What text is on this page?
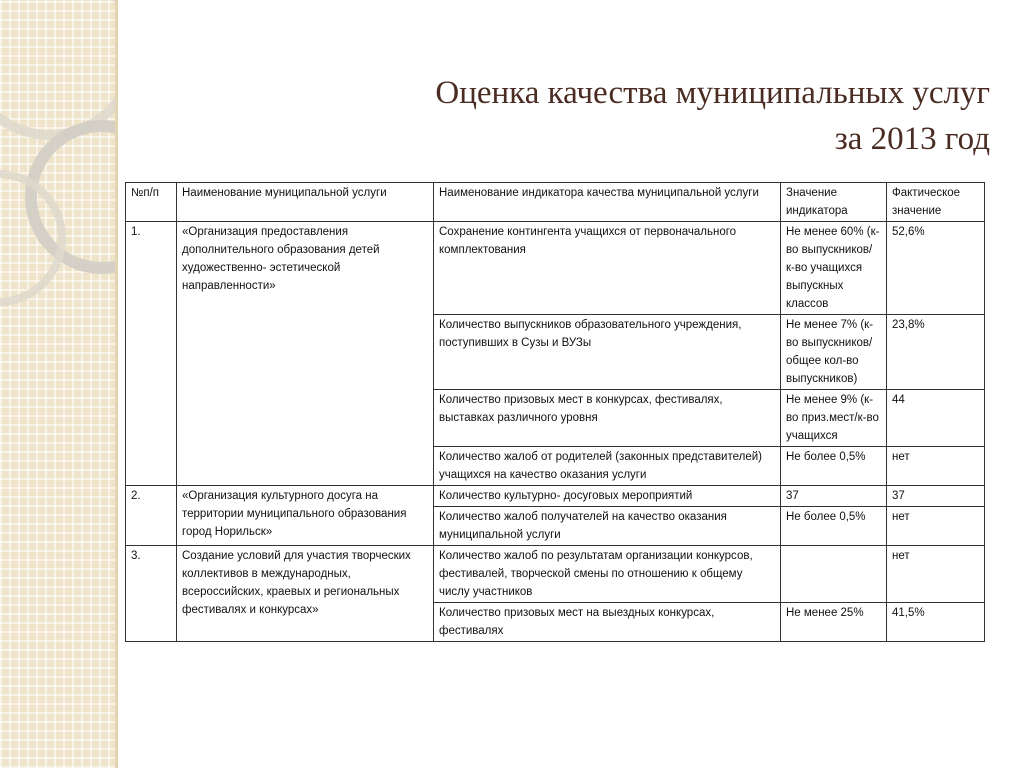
Оценка качества муниципальных услуг
за 2013 год
№п/п	Наименование муниципальной услуги	Наименование индикатора качества муниципальной услуги	Значение индикатора	Фактическое значение
1.	«Организация предоставления дополнительного образования детей художественно- эстетической направленности»	Сохранение контингента учащихся от первоначального комплектования	Не менее 60% (к-во выпускников/к-во учащихся выпускных классов	52,6%
		Количество выпускников образовательного учреждения, поступивших в Сузы и ВУЗы	Не менее 7% (к-во выпускников/ общее кол-во выпускников)	23,8%
		Количество призовых мест в конкурсах, фестивалях, выставках различного уровня	Не менее 9% (к-во приз.мест/к-во учащихся	44
		Количество жалоб от родителей (законных представителей) учащихся на качество оказания услуги	Не более 0,5%	нет
2.	«Организация культурного досуга на территории муниципального образования город Норильск»	Количество культурно- досуговых мероприятий	37	37
		Количество жалоб получателей на качество оказания муниципальной услуги	Не более 0,5%	нет
3.	Создание условий для участия творческих коллективов в международных, всероссийских, краевых и региональных фестивалях и конкурсах»	Количество жалоб по результатам организации конкурсов, фестивалей, творческой смены по отношению к общему числу участников		нет
		Количество призовых мест на выездных конкурсах, фестивалях	Не менее 25%	41,5%
